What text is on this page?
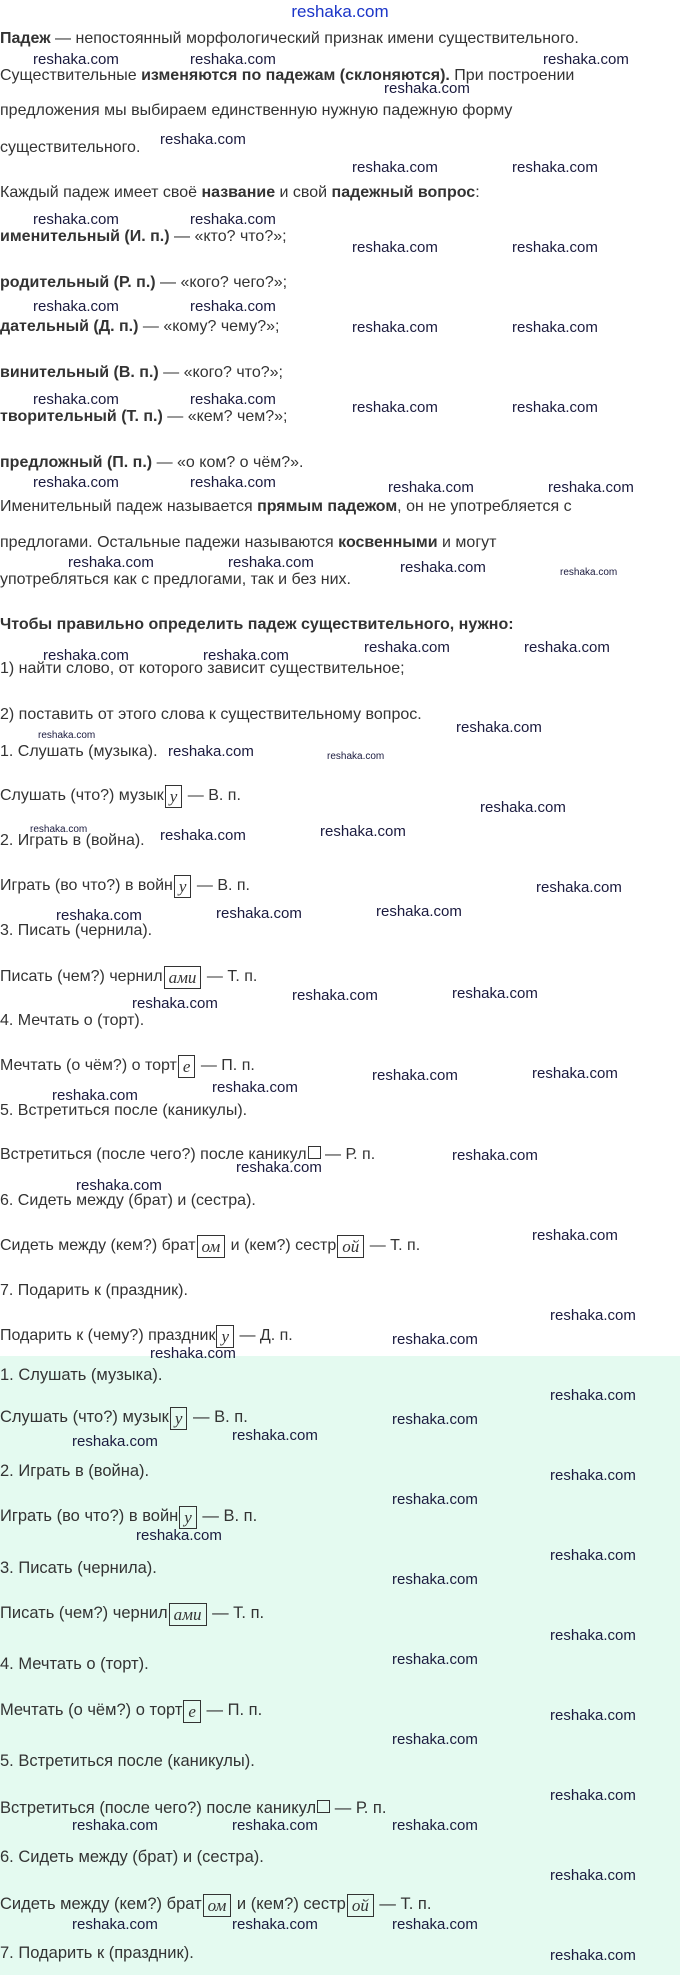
reshaka.com
Падеж — непостоянный морфологический признак имени существительного.
Существительные изменяются по падежам (склоняются). При построении
предложения мы выбираем единственную нужную падежную форму
существительного.
Каждый падеж имеет своё название и свой падежный вопрос:
именительный (И. п.) — «кто? что?»;
родительный (Р. п.) — «кого? чего?»;
дательный (Д. п.) — «кому? чему?»;
винительный (В. п.) — «кого? что?»;
творительный (Т. п.) — «кем? чем?»;
предложный (П. п.) — «о ком? о чём?».
Именительный падеж называется прямым падежом, он не употребляется с
предлогами. Остальные падежи называются косвенными и могут
употребляться как с предлогами, так и без них.
Чтобы правильно определить падеж существительного, нужно:
1) найти слово, от которого зависит существительное;
2) поставить от этого слова к существительному вопрос.
1. Слушать (музыка).
Слушать (что?) музык у — В. п.
2. Играть в (война).
Играть (во что?) в войн у — В. п.
3. Писать (чернила).
Писать (чем?) чернил ами — Т. п.
4. Мечтать о (торт).
Мечтать (о чём?) о торт е — П. п.
5. Встретиться после (каникулы).
Встретиться (после чего?) после каникул — Р. п.
6. Сидеть между (брат) и (сестра).
Сидеть между (кем?) брат ом и (кем?) сестр ой — Т. п.
7. Подарить к (праздник).
Подарить к (чему?) праздник у — Д. п.
1. Слушать (музыка).
Слушать (что?) музык у — В. п.
2. Играть в (война).
Играть (во что?) в войн у — В. п.
3. Писать (чернила).
Писать (чем?) чернил ами — Т. п.
4. Мечтать о (торт).
Мечтать (о чём?) о торт е — П. п.
5. Встретиться после (каникулы).
Встретиться (после чего?) после каникул — Р. п.
6. Сидеть между (брат) и (сестра).
Сидеть между (кем?) брат ом и (кем?) сестр ой — Т. п.
7. Подарить к (праздник).
reshaka.com	reshaka.com	reshaka.com
reshaka.com
reshaka.com
reshaka.com	reshaka.com
reshaka.com	reshaka.com
reshaka.com	reshaka.com
reshaka.com	reshaka.com
reshaka.com	reshaka.com
reshaka.com	reshaka.com	reshaka.com	reshaka.com
reshaka.com	reshaka.com	reshaka.com	reshaka.com
reshaka.com	reshaka.com	reshaka.com	reshaka.com
reshaka.com	reshaka.com
reshaka.com	reshaka.com
reshaka.com	reshaka.com
reshaka.com	reshaka.com
reshaka.com
reshaka.com	reshaka.com	reshaka.com
reshaka.com
reshaka.com	reshaka.com	reshaka.com
reshaka.com	reshaka.com	reshaka.com
reshaka.com
reshaka.com
reshaka.com
reshaka.com
reshaka.com
reshaka.com
reshaka.com
reshaka.com
reshaka.com
reshaka.com
reshaka.com
reshaka.com
reshaka.com
reshaka.com
reshaka.com
reshaka.com
reshaka.com
reshaka.com
reshaka.com
reshaka.com
reshaka.com
reshaka.com
reshaka.com
reshaka.com
reshaka.com
reshaka.com	reshaka.com	reshaka.com
reshaka.com
reshaka.com	reshaka.com	reshaka.com
reshaka.com
